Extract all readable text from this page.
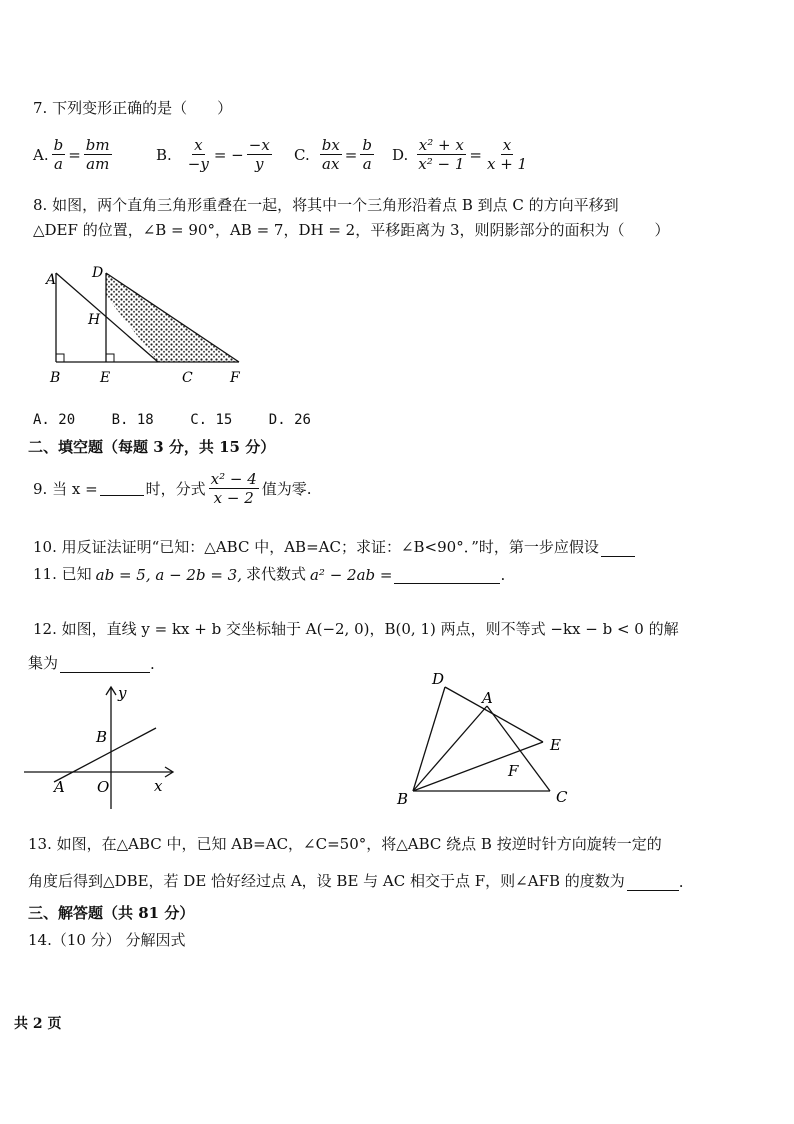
7. 下列变形正确的是（　　）
A. $\frac{b}{a} = \frac{bm}{am}$	B. $\frac{x}{-y}$ = − $\frac{-x}{y} C$. $\frac{bx}{ax} = \frac{b}{a} D$. $\frac{\text{x² + x}}{\text{x² − 1}} = \frac{x}{x + 1}$
8. 如图，两个直角三角形重叠在一起，将其中一个三角形沿着点 B 到点 C 的方向平移到
△DEF 的位置，∠B = 90°，AB = 7，DH = 2，平移距离为 3，则阴影部分的面积为（　　）
A	D
H
B	E	C	F
A. 20	B. 18	C. 15	D. 26
二、填空题（每题 3 分，共 15 分）
9. 当 x =	时，分式 $\frac{\text{x² − 4}}{x - 2}$ 值为零.
10. 用反证法证明“已知：△ABC 中，AB=AC；求证：∠B<90°．”时，第一步应假设
11. 已知 ab = 5, a − 2b = 3, 求代数式 a² − 2ab =	.
12. 如图，直线 y = kx + b 交坐标轴于 A(−2, 0)，B(0, 1) 两点，则不等式 −kx − b < 0 的解
集为	.
y
x
B
A O
D
A
E
F
B	C
13. 如图，在△ABC 中，已知 AB=AC，∠C=50°，将△ABC 绕点 B 按逆时针方向旋转一定的
角度后得到△DBE，若 DE 恰好经过点 A，设 BE 与 AC 相交于点 F，则∠AFB 的度数为	.
三、解答题（共 81 分）
14.（10 分） 分解因式
共 2 页
